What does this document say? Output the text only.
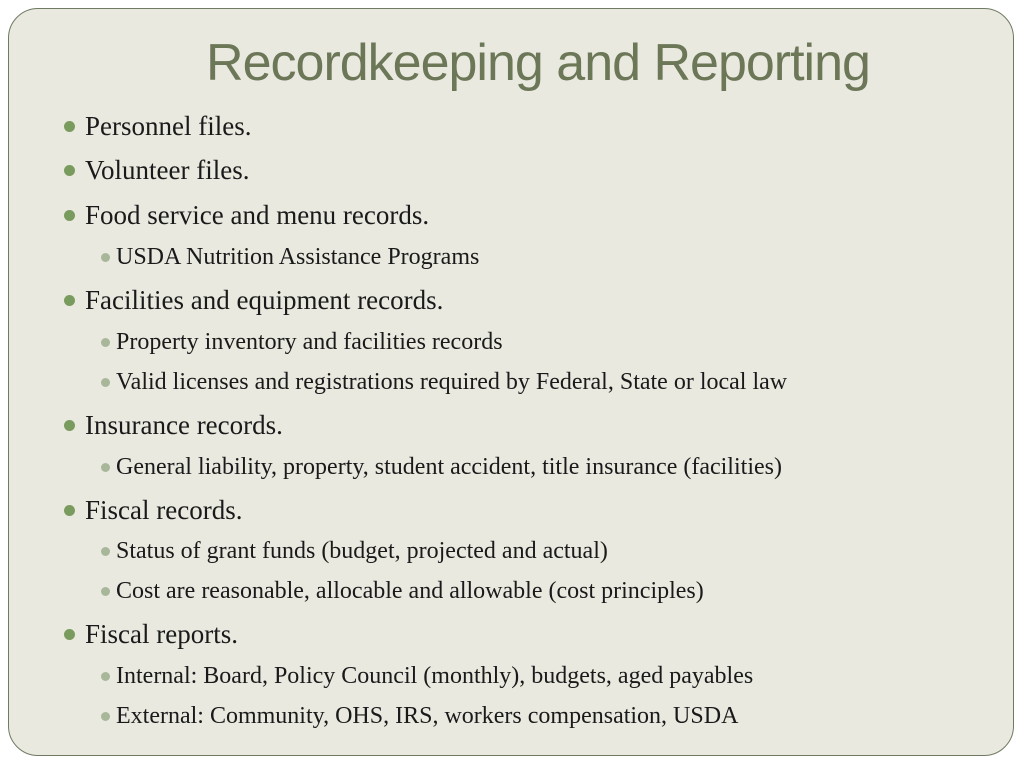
Recordkeeping and Reporting
Personnel files.
Volunteer files.
Food service and menu records.
USDA Nutrition Assistance Programs
Facilities and equipment records.
Property inventory and facilities records
Valid licenses and registrations required by Federal, State or local law
Insurance records.
General liability, property, student accident, title insurance (facilities)
Fiscal records.
Status of grant funds (budget, projected and actual)
Cost are reasonable, allocable and allowable (cost principles)
Fiscal reports.
Internal: Board, Policy Council (monthly), budgets, aged payables
External: Community, OHS, IRS, workers compensation, USDA
